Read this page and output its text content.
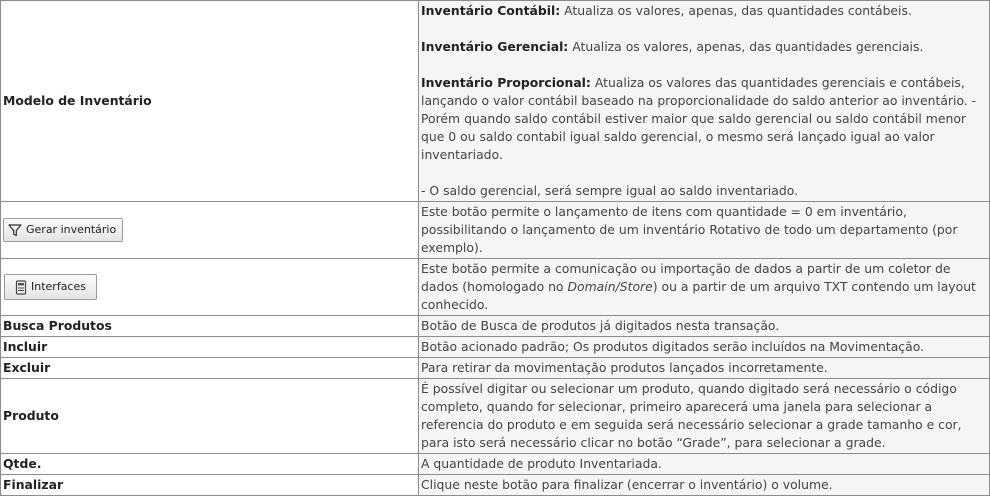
Modelo de Inventário	Inventário Contábil: Atualiza os valores, apenas, das quantidades contábeis.
Inventário Gerencial: Atualiza os valores, apenas, das quantidades gerenciais.
Inventário Proporcional: Atualiza os valores das quantidades gerenciais e contábeis, lançando o valor contábil baseado na proporcionalidade do saldo anterior ao inventário. - Porém quando saldo contábil estiver maior que saldo gerencial ou saldo contábil menor que 0 ou saldo contabil igual saldo gerencial, o mesmo será lançado igual ao valor inventariado.
- O saldo gerencial, será sempre igual ao saldo inventariado.

Gerar inventário	Este botão permite o lançamento de itens com quantidade = 0 em inventário, possibilitando o lançamento de um inventário Rotativo de todo um departamento (por exemplo).

Interfaces	Este botão permite a comunicação ou importação de dados a partir de um coletor de dados (homologado no Domain/Store) ou a partir de um arquivo TXT contendo um layout conhecido.
Busca Produtos	Botão de Busca de produtos já digitados nesta transação.
Incluir	Botão acionado padrão; Os produtos digitados serão incluídos na Movimentação.
Excluir	Para retirar da movimentação produtos lançados incorretamente.
Produto	É possível digitar ou selecionar um produto, quando digitado será necessário o código completo, quando for selecionar, primeiro aparecerá uma janela para selecionar a referencia do produto e em seguida será necessário selecionar a grade tamanho e cor, para isto será necessário clicar no botão “Grade”, para selecionar a grade.
Qtde.	A quantidade de produto Inventariada.
Finalizar	Clique neste botão para finalizar (encerrar o inventário) o volume.
